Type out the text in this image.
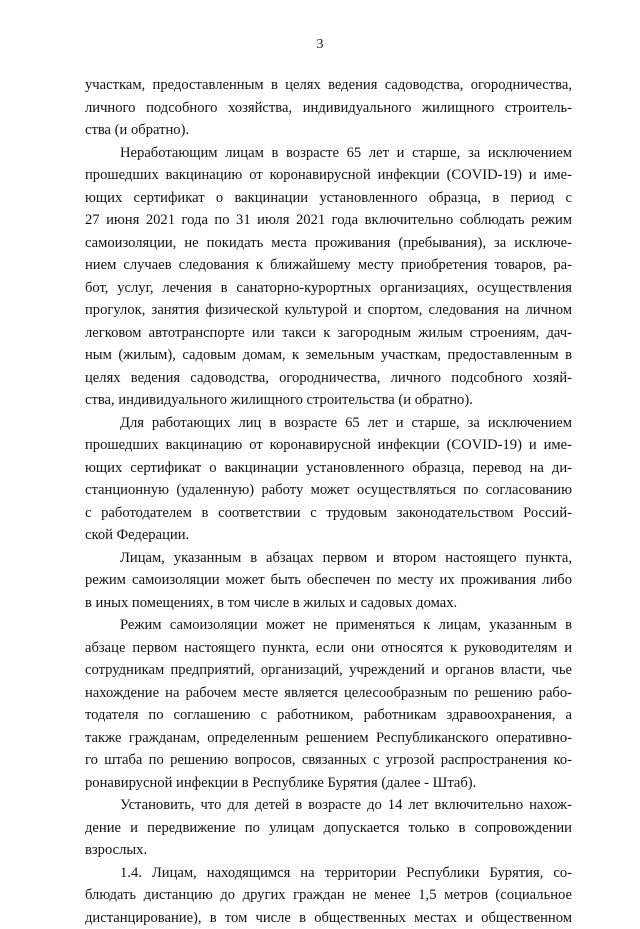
3
участкам, предоставленным в целях ведения садоводства, огородничества,
личного подсобного хозяйства, индивидуального жилищного строитель-
ства (и обратно).
Неработающим лицам в возрасте 65 лет и старше, за исключением
прошедших вакцинацию от коронавирусной инфекции (COVID-19) и име-
ющих сертификат о вакцинации установленного образца, в период с
27 июня 2021 года по 31 июля 2021 года включительно соблюдать режим
самоизоляции, не покидать места проживания (пребывания), за исключе-
нием случаев следования к ближайшему месту приобретения товаров, ра-
бот, услуг, лечения в санаторно-курортных организациях, осуществления
прогулок, занятия физической культурой и спортом, следования на личном
легковом автотранспорте или такси к загородным жилым строениям, дач-
ным (жилым), садовым домам, к земельным участкам, предоставленным в
целях ведения садоводства, огородничества, личного подсобного хозяй-
ства, индивидуального жилищного строительства (и обратно).
Для работающих лиц в возрасте 65 лет и старше, за исключением
прошедших вакцинацию от коронавирусной инфекции (COVID-19) и име-
ющих сертификат о вакцинации установленного образца, перевод на ди-
станционную (удаленную) работу может осуществляться по согласованию
с работодателем в соответствии с трудовым законодательством Россий-
ской Федерации.
Лицам, указанным в абзацах первом и втором настоящего пункта,
режим самоизоляции может быть обеспечен по месту их проживания либо
в иных помещениях, в том числе в жилых и садовых домах.
Режим самоизоляции может не применяться к лицам, указанным в
абзаце первом настоящего пункта, если они относятся к руководителям и
сотрудникам предприятий, организаций, учреждений и органов власти, чье
нахождение на рабочем месте является целесообразным по решению рабо-
тодателя по соглашению с работником, работникам здравоохранения, а
также гражданам, определенным решением Республиканского оперативно-
го штаба по решению вопросов, связанных с угрозой распространения ко-
ронавирусной инфекции в Республике Бурятия (далее - Штаб).
Установить, что для детей в возрасте до 14 лет включительно нахож-
дение и передвижение по улицам допускается только в сопровождении
взрослых.
1.4. Лицам, находящимся на территории Республики Бурятия, со-
блюдать дистанцию до других граждан не менее 1,5 метров (социальное
дистанцирование), в том числе в общественных местах и общественном
